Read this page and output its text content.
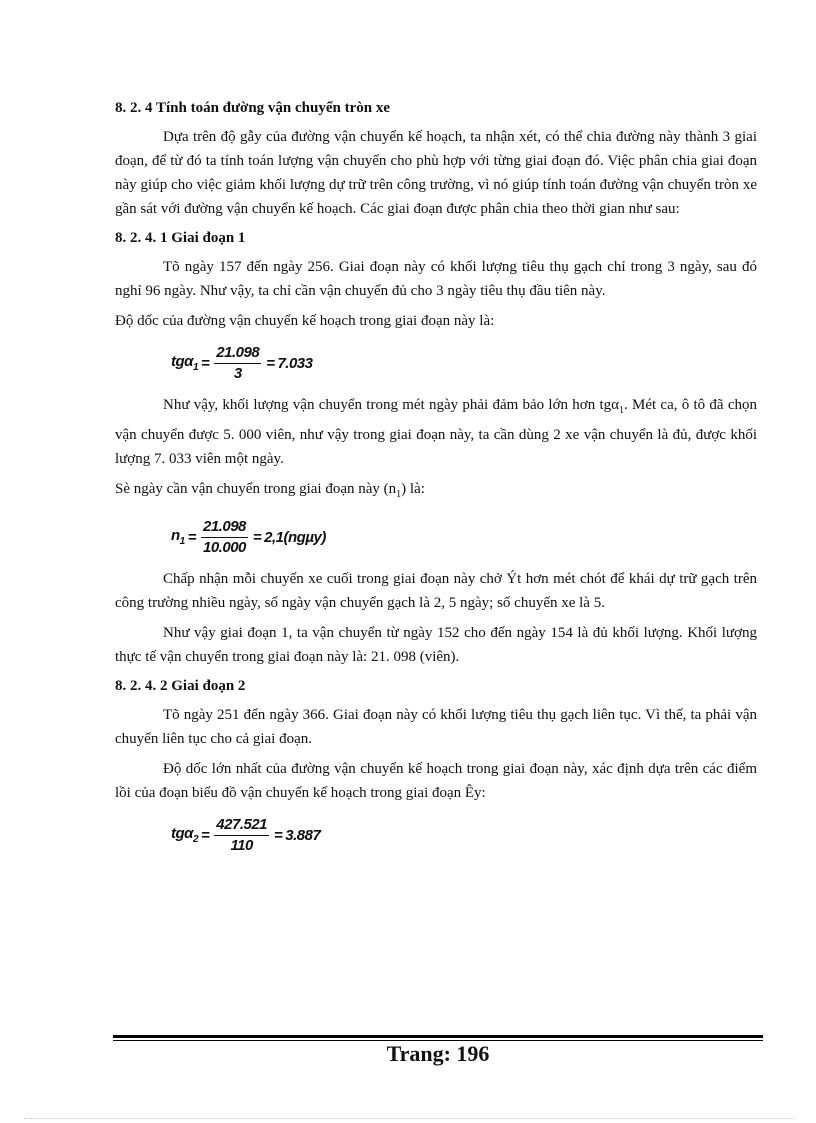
8. 2. 4 Tính toán đường vận chuyển tròn xe

Dựa trên độ gẫy của đường vận chuyển kế hoạch, ta nhận xét, có thể chia đường này thành 3 giai đoạn, để từ đó ta tính toán lượng vận chuyển cho phù hợp với từng giai đoạn đó. Việc phân chia giai đoạn này giúp cho việc giảm khối lượng dự trữ trên công trường, vì nó giúp tính toán đường vận chuyển tròn xe gần sát với đường vận chuyển kế hoạch. Các giai đoạn được phân chia theo thời gian như sau:

8. 2. 4. 1 Giai đoạn 1

Tõ ngày 157 đến ngày 256. Giai đoạn này có khối lượng tiêu thụ gạch chỉ trong 3 ngày, sau đó nghỉ 96 ngày. Như vậy, ta chỉ cần vận chuyển đủ cho 3 ngày tiêu thụ đầu tiên này.

Độ dốc của đường vận chuyển kế hoạch trong giai đoạn này là:

$tg\alpha_1 = \frac{21.098}{3} = 7.033$

Như vậy, khối lượng vận chuyển trong mét ngày phải đảm bảo lớn hơn tgα$_1$. Mét ca, ô tô đã chọn vận chuyển được 5. 000 viên, như vậy trong giai đoạn này, ta cần dùng 2 xe vận chuyển là đủ, được khối lượng 7. 033 viên một ngày.

Sè ngày cần vận chuyển trong giai đoạn này $(n_1)$ là:

$n_1 = \frac{21.098}{10.000} = 2,1(ng\mu y)$

Chấp nhận mỗi chuyến xe cuối trong giai đoạn này chở Ýt hơn mét chót để khái dự trữ gạch trên công trường nhiều ngày, số ngày vận chuyển gạch là 2, 5 ngày; số chuyến xe là 5.

Như vậy giai đoạn 1, ta vận chuyển từ ngày 152 cho đến ngày 154 là đủ khối lượng. Khối lượng thực tế vận chuyển trong giai đoạn này là: 21. 098 (viên).

8. 2. 4. 2 Giai đoạn 2

Tõ ngày 251 đến ngày 366. Giai đoạn này có khối lượng tiêu thụ gạch liên tục. Vì thế, ta phải vận chuyển liên tục cho cả giai đoạn.

Độ dốc lớn nhất của đường vận chuyển kế hoạch trong giai đoạn này, xác định dựa trên các điểm lồi của đoạn biểu đồ vận chuyển kế hoạch trong giai đoạn Êy:

$tg\alpha_2 = \frac{427.521}{110} = 3.887$
Trang: 196
